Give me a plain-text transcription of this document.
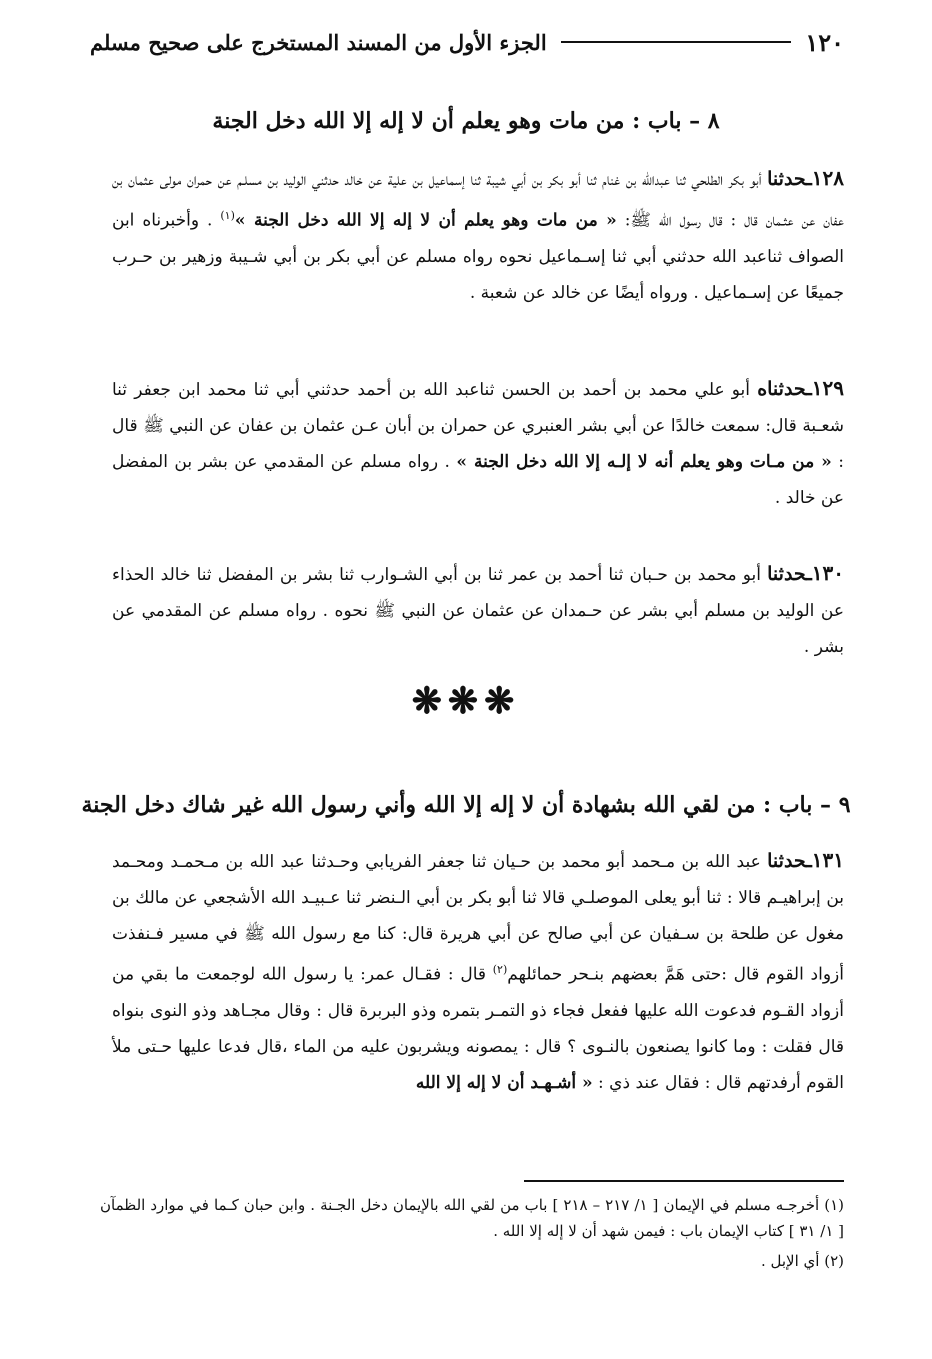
١٢٠
الجزء الأول من المسند المستخرج على صحيح مسلم
٨ – باب : من مات وهو يعلم أن لا إله إلا الله دخل الجنة
١٢٨ـحدثنا أبو بكر الطلحي ثنا عبدالله بن غنام ثنا أبو بكر بن أبي شيبة ثنا إسماعيل بن علية عن خالد حدثني الوليد بن مسلـم عن حمران مولى عثمان بن عفان عن عثـمان قال : قال رسول الله ﷺ: « من مات وهو يعلم أن لا إله إلا الله دخل الجنة »$^{(١)}$ . وأخبرناه ابن الصواف ثناعبد الله حدثني أبي ثنا إسـماعيل نحوه رواه مسلم عن أبي بكر بن أبي شـيبة وزهير بن حـرب جميعًا عن إسـماعيل . ورواه أيضًا عن خالد عن شعبة .
١٢٩ـحدثناه أبو علي محمد بن أحمد بن الحسن ثناعبد الله بن أحمد حدثني أبي ثنا محمد ابن جعفر ثنا شعـبة قال: سمعت خالدًا عن أبي بشر العنبري عن حمران بن أبان عـن عثمان بن عفان عن النبي ﷺ قال : « من مـات وهو يعلم أنه لا إلـه إلا الله دخل الجنة » . رواه مسلم عن المقدمي عن بشر بن المفضل عن خالد .
١٣٠ـحدثنا أبو محمد بن حـبان ثنا أحمد بن عمر ثنا بن أبي الشـوارب ثنا بشر بن المفضل ثنا خالد الحذاء عن الوليد بن مسلم أبي بشر عن حـمدان عن عثمان عن النبي ﷺ نحوه . رواه مسلم عن المقدمي عن بشر .
❋❋❋
٩ – باب : من لقي الله بشهادة أن لا إله إلا الله وأني رسول الله غير شاك دخل الجنة
١٣١ـحدثنا عبد الله بن مـحمد أبو محمد بن حـيان ثنا جعفر الفريابي وحـدثنا عبد الله بن مـحمـد ومحـمد بن إبراهيـم قالا : ثنا أبو يعلى الموصلـي قالا ثنا أبو بكر بن أبي الـنضر ثنا عـبيـد الله الأشجعي عن مالك بن مغول عن طلحة بن سـفيان عن أبي صالح عن أبي هريرة قال: كنا مع رسول الله ﷺ في مسير فـنفذت أزواد القوم قال :حتى هَمَّ بعضهم بنـحر حمائلهم$^{(٢)}$ قال : فقـال عمر: يا رسول الله لوجمعت ما بقي من أزواد القـوم فدعوت الله عليها ففعل فجاء ذو التمـر بتمره وذو البربرة قال : وقال مجـاهد وذو النوى بنواه قال فقلت : وما كانوا يصنعون بالنـوى ؟ قال : يمصونه ويشربون عليه من الماء ،قال فدعا عليها حـتى ملأ القوم أرفدتهم قال : فقال عند ذي : « أشـهـد أن لا إله إلا الله
(١) أخرجـه مسلم في الإيمان [ ١/ ٢١٧ – ٢١٨ ] باب من لقي الله بالإيمان دخل الجـنة . وابن حبان كـما في موارد الظمآن [ ١/ ٣١ ] كتاب الإيمان باب : فيمن شهد أن لا إله إلا الله .
(٢) أي الإبل .
